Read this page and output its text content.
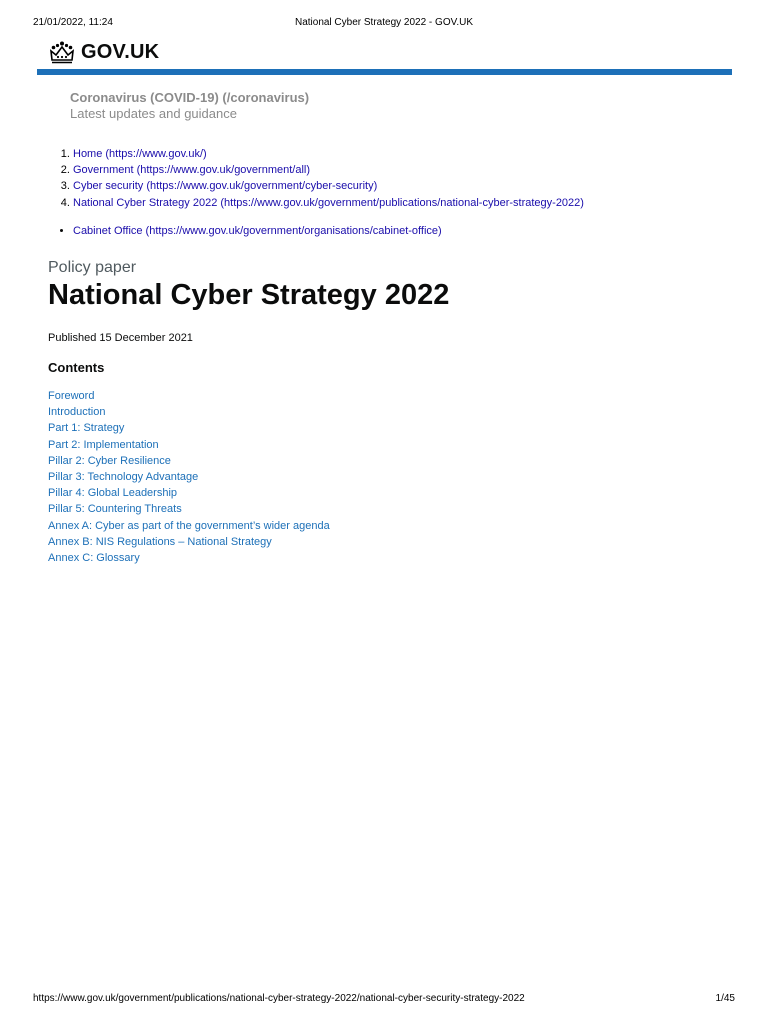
21/01/2022, 11:24	National Cyber Strategy 2022 - GOV.UK
GOV.UK
Coronavirus (COVID-19) (/coronavirus)
Latest updates and guidance
1. Home (https://www.gov.uk/)
2. Government (https://www.gov.uk/government/all)
3. Cyber security (https://www.gov.uk/government/cyber-security)
4. National Cyber Strategy 2022 (https://www.gov.uk/government/publications/national-cyber-strategy-2022)
• Cabinet Office (https://www.gov.uk/government/organisations/cabinet-office)
Policy paper
National Cyber Strategy 2022
Published 15 December 2021
Contents
Foreword
Introduction
Part 1: Strategy
Part 2: Implementation
Pillar 2: Cyber Resilience
Pillar 3: Technology Advantage
Pillar 4: Global Leadership
Pillar 5: Countering Threats
Annex A: Cyber as part of the government’s wider agenda
Annex B: NIS Regulations – National Strategy
Annex C: Glossary
https://www.gov.uk/government/publications/national-cyber-strategy-2022/national-cyber-security-strategy-2022	1/45
